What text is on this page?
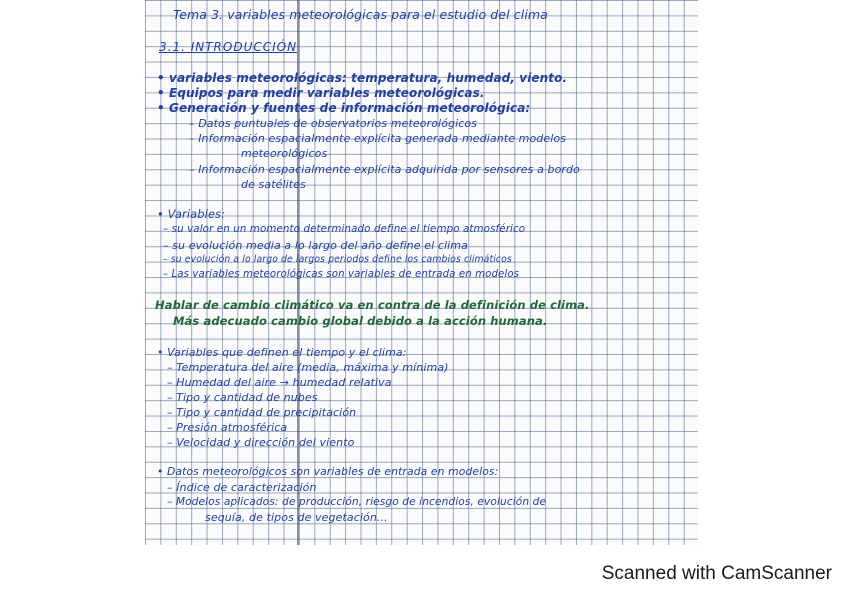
Tema 3. variables meteorológicas para el estudio del clima
3.1. INTRODUCCIÓN
• variables meteorológicas: temperatura, humedad, viento.
• Equipos para medir variables meteorológicas.
• Generación y fuentes de información meteorológica:
– Datos puntuales de observatorios meteorológicos
– Información espacialmente explícita generada mediante modelos
meteorológicos
– Información espacialmente explícita adquirida por sensores a bordo
de satélites
• Variables:
– su valor en un momento determinado define el tiempo atmosférico
– su evolución media a lo largo del año define el clima
– su evolución a lo largo de largos periodos define los cambios climáticos
– Las variables meteorológicas son variables de entrada en modelos
Hablar de cambio climático va en contra de la definición de clima.
Más adecuado cambio global debido a la acción humana.
• Variables que definen el tiempo y el clima:
– Temperatura del aire (media, máxima y mínima)
– Humedad del aire → humedad relativa
– Tipo y cantidad de nubes
– Tipo y cantidad de precipitación
– Presión atmosférica
– Velocidad y dirección del viento
• Datos meteorológicos son variables de entrada en modelos:
– Índice de caracterización
– Modelos aplicados: de producción, riesgo de incendios, evolución de
sequía, de tipos de vegetación...
Scanned with CamScanner
